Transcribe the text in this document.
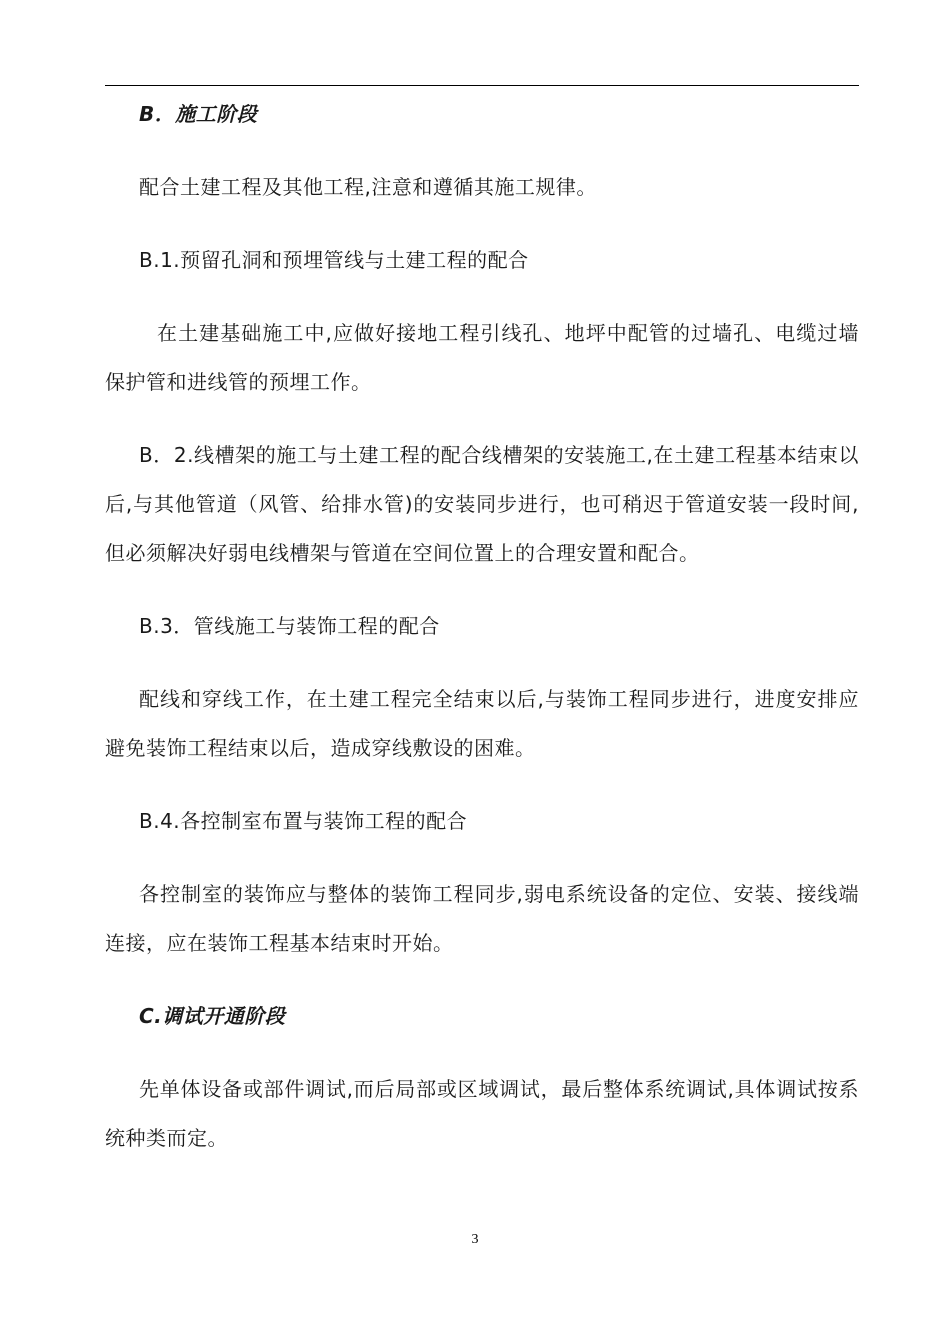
B．施工阶段

配合土建工程及其他工程,注意和遵循其施工规律。

B.1.预留孔洞和预埋管线与土建工程的配合

在土建基础施工中,应做好接地工程引线孔、地坪中配管的过墙孔、电缆过墙保护管和进线管的预埋工作。

B．2.线槽架的施工与土建工程的配合线槽架的安装施工,在土建工程基本结束以后,与其他管道（风管、给排水管)的安装同步进行，也可稍迟于管道安装一段时间,但必须解决好弱电线槽架与管道在空间位置上的合理安置和配合。

B.3．管线施工与装饰工程的配合

配线和穿线工作，在土建工程完全结束以后,与装饰工程同步进行，进度安排应避免装饰工程结束以后，造成穿线敷设的困难。

B.4.各控制室布置与装饰工程的配合

各控制室的装饰应与整体的装饰工程同步,弱电系统设备的定位、安装、接线端连接，应在装饰工程基本结束时开始。

C.调试开通阶段

先单体设备或部件调试,而后局部或区域调试，最后整体系统调试,具体调试按系统种类而定。

3
